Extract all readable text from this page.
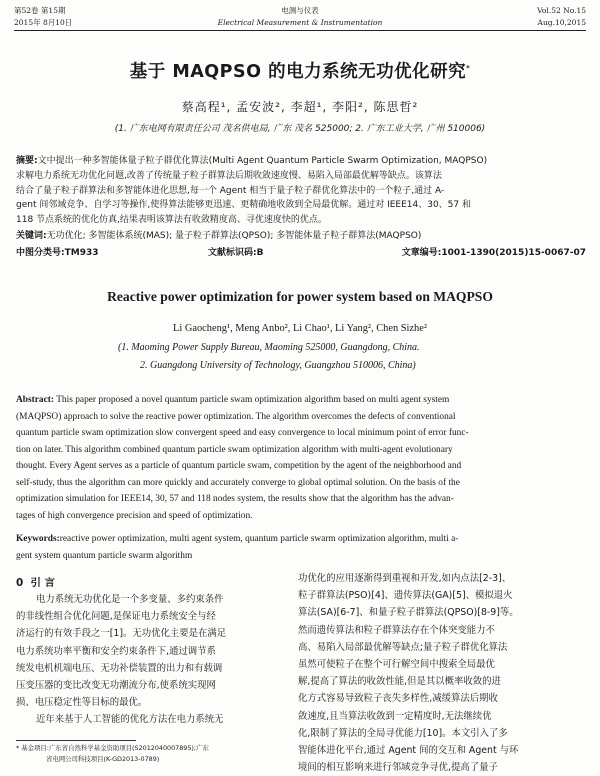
第52卷 第15期
2015年 8月10日
电测与仪表
Electrical Measurement & Instrumentation
Vol.52 No.15
Aug.10,2015
基于 MAQPSO 的电力系统无功优化研究*
蔡高程¹, 孟安波², 李超¹, 李阳², 陈思哲²
(1. 广东电网有限责任公司 茂名供电局, 广东 茂名 525000; 2. 广东工业大学, 广州 510006)
摘要:文中提出一种多智能体量子粒子群优化算法(Multi Agent Quantum Particle Swarm Optimization, MAQPSO)
求解电力系统无功优化问题,改善了传统量子粒子群算法后期收敛速度慢、易陷入局部最优解等缺点。该算法
结合了量子粒子群算法和多智能体进化思想,每一个 Agent 相当于量子粒子群优化算法中的一个粒子,通过 A-
gent 间邻域竞争、自学习等操作,使得算法能够更迅速、更精确地收敛到全局最优解。通过对 IEEE14、30、57 和
118 节点系统的优化仿真,结果表明该算法有收敛精度高、寻优速度快的优点。
关键词:无功优化; 多智能体系统(MAS); 量子粒子群算法(QPSO); 多智能体量子粒子群算法(MAQPSO)
中图分类号:TM933	文献标识码:B	文章编号:1001-1390(2015)15-0067-07
Reactive power optimization for power system based on MAQPSO
Li Gaocheng¹, Meng Anbo², Li Chao¹, Li Yang², Chen Sizhe²
(1. Maoming Power Supply Bureau, Maoming 525000, Guangdong, China.
2. Guangdong University of Technology, Guangzhou 510006, China)
Abstract: This paper proposed a novel quantum particle swam optimization algorithm based on multi agent system
(MAQPSO) approach to solve the reactive power optimization. The algorithm overcomes the defects of conventional
quantum particle swam optimization slow convergent speed and easy convergence to local minimum point of error func-
tion on later. This algorithm combined quantum particle swam optimization algorithm with multi-agent evolutionary
thought. Every Agent serves as a particle of quantum particle swam, competition by the agent of the neighborhood and
self-study, thus the algorithm can more quickly and accurately converge to global optimal solution. On the basis of the
optimization simulation for IEEE14, 30, 57 and 118 nodes system, the results show that the algorithm has the advan-
tages of high convergence precision and speed of optimization.
Keywords:reactive power optimization, multi agent system, quantum particle swarm optimization algorithm, multi a-
gent system quantum particle swarm algorithm
0 引 言
电力系统无功优化是一个多变量、多约束条件
的非线性组合优化问题,是保证电力系统安全与经
济运行的有效手段之一[1]。无功优化主要是在满足
电力系统功率平衡和安全约束条件下,通过调节系
统发电机机端电压、无功补偿装置的出力和有载调
压变压器的变比改变无功潮流分布,使系统实现网
损、电压稳定性等目标的最优。
近年来基于人工智能的优化方法在电力系统无
* 基金项目:广东省自然科学基金资助项目(S2012040007895);广东
省电网公司科技项目(K-GD2013-0789)
功优化的应用逐渐得到重视和开发,如内点法[2-3]、
粒子群算法(PSO)[4]、遗传算法(GA)[5]、模拟退火
算法(SA)[6-7]、和量子粒子群算法(QPSO)[8-9]等。
然而遗传算法和粒子群算法存在个体突变能力不
高、易陷入局部最优解等缺点;量子粒子群优化算法
虽然可使粒子在整个可行解空间中搜索全局最优
解,提高了算法的收敛性能,但是其以概率收敛的进
化方式容易导致粒子丧失多样性,减缓算法后期收
敛速度,且当算法收敛到一定精度时,无法继续优
化,限制了算法的全局寻优能力[10]。本文引入了多
智能体进化平台,通过 Agent 间的交互和 Agent 与环
境间的相互影响来进行邻域竞争寻优,提高了量子
